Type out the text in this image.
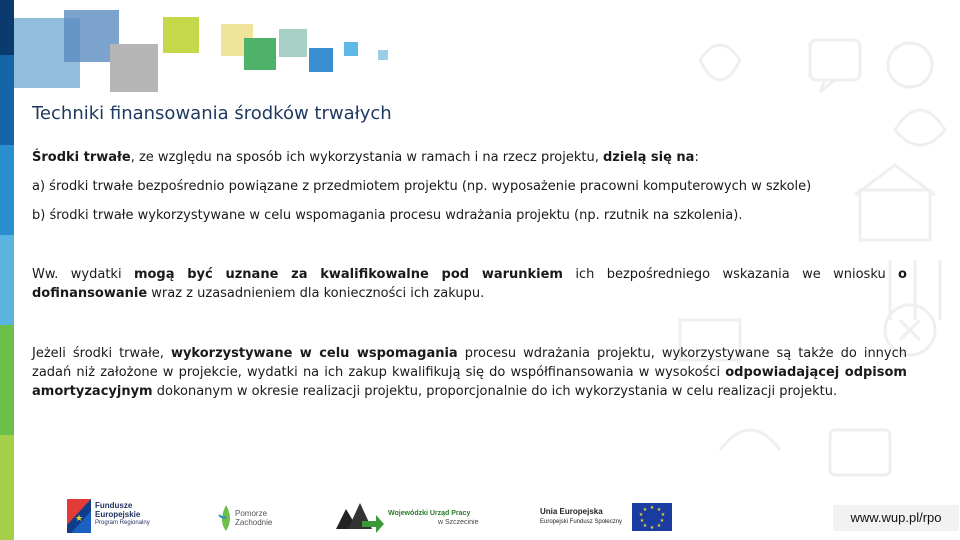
Techniki finansowania środków trwałych
Środki trwałe, ze względu na sposób ich wykorzystania w ramach i na rzecz projektu, dzielą się na:
a) środki trwałe bezpośrednio powiązane z przedmiotem projektu (np. wyposażenie pracowni komputerowych w szkole)
b) środki trwałe wykorzystywane w celu wspomagania procesu wdrażania projektu (np. rzutnik na szkolenia).
Ww. wydatki mogą być uznane za kwalifikowalne pod warunkiem ich bezpośredniego wskazania we wniosku o dofinansowanie wraz z uzasadnieniem dla konieczności ich zakupu.
Jeżeli środki trwałe, wykorzystywane w celu wspomagania procesu wdrażania projektu, wykorzystywane są także do innych zadań niż założone w projekcie, wydatki na ich zakup kwalifikują się do współfinansowania w wysokości odpowiadającej odpisom amortyzacyjnym dokonanym w okresie realizacji projektu, proporcjonalnie do ich wykorzystania w celu realizacji projektu.
★
Fundusze
Europejskie
Program Regionalny
Pomorze
Zachodnie
Wojewódzki Urząd Pracy
w Szczecinie
Unia Europejska
Europejski Fundusz Społeczny
★ ★
★
★
★
★
★
★
★
★	www.wup.pl/rpo
